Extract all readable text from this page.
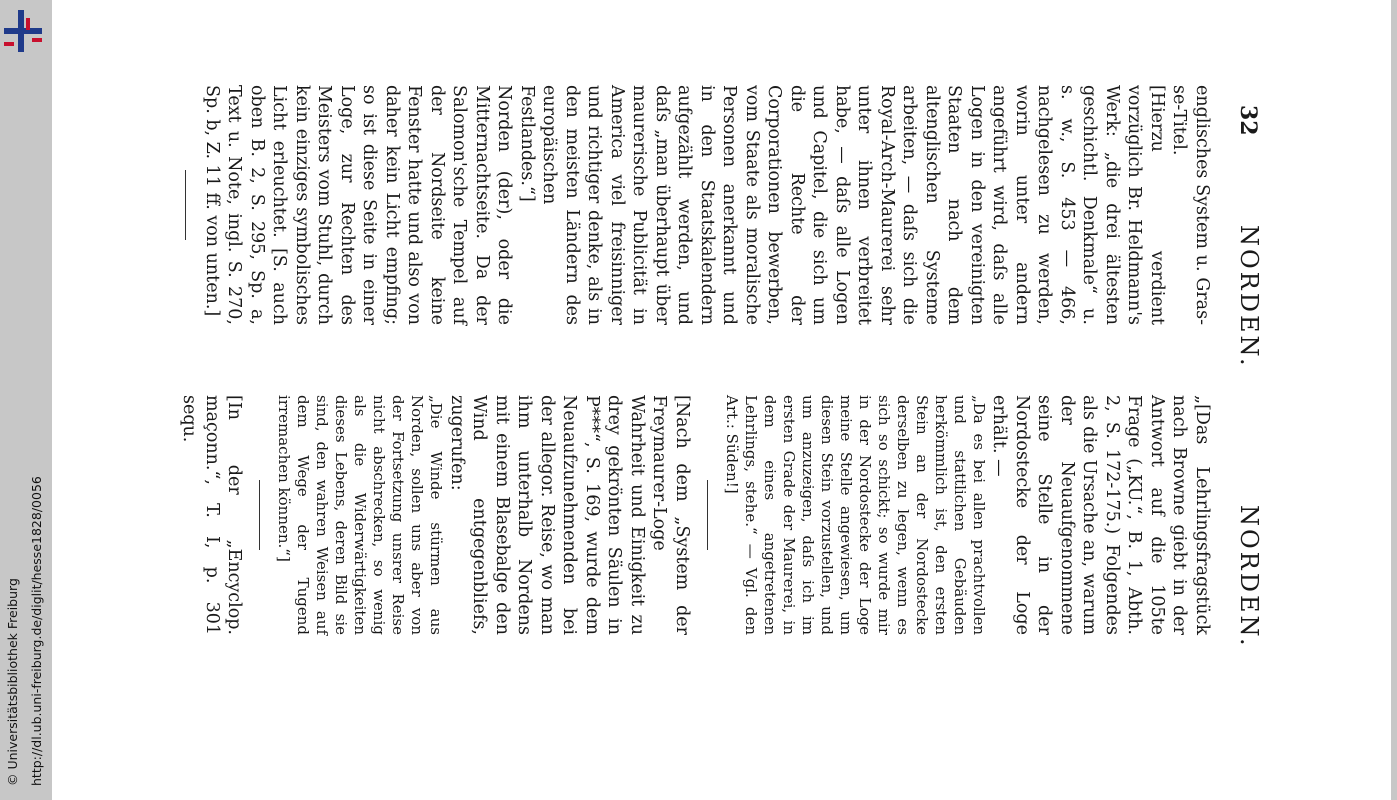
http://dl.ub.uni-freiburg.de/diglit/hesse1828/0056
© Universitätsbibliothek Freiburg
32
NORDEN.
NORDEN.

englisches System u. Gras-se-Titel.

[Hierzu verdient vorzüglich Br. Heldmann's Werk: „die drei ältesten geschichtl. Denkmale“ u. s. w., S. 453 — 466, nachgelesen zu werden, worin unter andern angeführt wird, daſs alle Logen in den vereinigten Staaten nach dem altenglischen Systeme arbeiten, — daſs sich die Royal-Arch-Maurerei sehr unter ihnen verbreitet habe, — daſs alle Logen und Capitel, die sich um die Rechte der Corporationen bewerben, vom Staate als moralische Personen anerkannt und in den Staatskalendern aufgezählt werden, und daſs „man überhaupt über maurerische Publicität in America viel freisinniger und richtiger denke, als in den meisten Ländern des europäischen Festlandes.“]

Norden (der), oder die Mitternachtseite. Da der Salomon'sche Tempel auf der Nordseite keine Fenster hatte und also von daher kein Licht empfing; so ist diese Seite in einer Loge, zur Rechten des Meisters vom Stuhl, durch kein einziges symbolisches Licht erleuchtet. [S. auch oben B. 2, S. 295, Sp. a, Text u. Note, ingl. S. 270, Sp. b, Z. 11 ff. von unten.]

„[Das Lehrlingsfragstück nach Browne giebt in der Antwort auf die 105te Frage („KU.“, B. 1, Abth. 2, S. 172-175.) Folgendes als die Ursache an, warum der Neuaufgenommene seine Stelle in der Nordostecke der Loge erhält. —

„Da es bei allen prachtvollen und stattlichen Gebäuden herkömmlich ist, den ersten Stein an der Nordostecke derselben zu legen, wenn es sich so schickt; so wurde mir in der Nordostecke der Loge meine Stelle angewiesen, um diesen Stein vorzustellen, und um anzuzeigen, daſs ich im ersten Grade der Maurerei, in dem eines angetretenen Lehrlings, stehe.“ — Vgl. den Art.: Süden!]

[Nach dem „System der Freymaurer-Loge Wahrheit und Einigkeit zu drey gekrönten Säulen in P***“, S. 169, wurde dem Neuaufzunehmenden bei der allegor. Reise, wo man ihm unterhalb Nordens mit einem Blasebalge den Wind entgegenbliefs, zugerufen:

„Die Winde stürmen aus Norden, sollen uns aber von der Fortsetzung unsrer Reise nicht abschrecken, so wenig als die Widerwärtigkeiten dieses Lebens, deren Bild sie sind, den wahren Weisen auf dem Wege der Tugend irremachen können.“]

[In der „Encyclop. maçonn.“, T. I, p. 301 sequ.
